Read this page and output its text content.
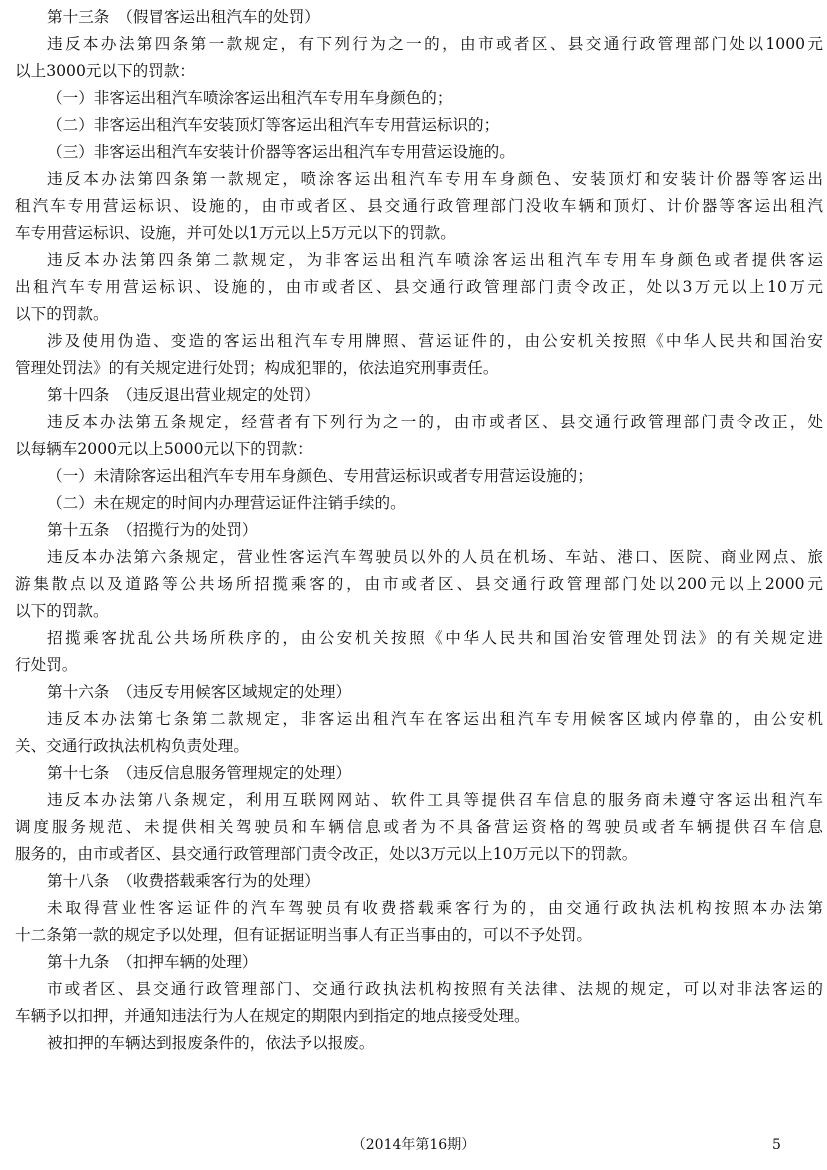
第十三条　（假冒客运出租汽车的处罚）
违反本办法第四条第一款规定，有下列行为之一的，由市或者区、县交通行政管理部门处以1000元
以上3000元以下的罚款：
（一）非客运出租汽车喷涂客运出租汽车专用车身颜色的；
（二）非客运出租汽车安装顶灯等客运出租汽车专用营运标识的；
（三）非客运出租汽车安装计价器等客运出租汽车专用营运设施的。
违反本办法第四条第一款规定，喷涂客运出租汽车专用车身颜色、安装顶灯和安装计价器等客运出
租汽车专用营运标识、设施的，由市或者区、县交通行政管理部门没收车辆和顶灯、计价器等客运出租汽
车专用营运标识、设施，并可处以1万元以上5万元以下的罚款。
违反本办法第四条第二款规定，为非客运出租汽车喷涂客运出租汽车专用车身颜色或者提供客运
出租汽车专用营运标识、设施的，由市或者区、县交通行政管理部门责令改正，处以3万元以上10万元
以下的罚款。
涉及使用伪造、变造的客运出租汽车专用牌照、营运证件的，由公安机关按照《中华人民共和国治安
管理处罚法》的有关规定进行处罚；构成犯罪的，依法追究刑事责任。
第十四条　（违反退出营业规定的处罚）
违反本办法第五条规定，经营者有下列行为之一的，由市或者区、县交通行政管理部门责令改正，处
以每辆车2000元以上5000元以下的罚款：
（一）未清除客运出租汽车专用车身颜色、专用营运标识或者专用营运设施的；
（二）未在规定的时间内办理营运证件注销手续的。
第十五条　（招揽行为的处罚）
违反本办法第六条规定，营业性客运汽车驾驶员以外的人员在机场、车站、港口、医院、商业网点、旅
游集散点以及道路等公共场所招揽乘客的，由市或者区、县交通行政管理部门处以200元以上2000元
以下的罚款。
招揽乘客扰乱公共场所秩序的，由公安机关按照《中华人民共和国治安管理处罚法》的有关规定进
行处罚。
第十六条　（违反专用候客区域规定的处理）
违反本办法第七条第二款规定，非客运出租汽车在客运出租汽车专用候客区域内停靠的，由公安机
关、交通行政执法机构负责处理。
第十七条　（违反信息服务管理规定的处理）
违反本办法第八条规定，利用互联网网站、软件工具等提供召车信息的服务商未遵守客运出租汽车
调度服务规范、未提供相关驾驶员和车辆信息或者为不具备营运资格的驾驶员或者车辆提供召车信息
服务的，由市或者区、县交通行政管理部门责令改正，处以3万元以上10万元以下的罚款。
第十八条　（收费搭载乘客行为的处理）
未取得营业性客运证件的汽车驾驶员有收费搭载乘客行为的，由交通行政执法机构按照本办法第
十二条第一款的规定予以处理，但有证据证明当事人有正当事由的，可以不予处罚。
第十九条　（扣押车辆的处理）
市或者区、县交通行政管理部门、交通行政执法机构按照有关法律、法规的规定，可以对非法客运的
车辆予以扣押，并通知违法行为人在规定的期限内到指定的地点接受处理。
被扣押的车辆达到报废条件的，依法予以报废。
（2014年第16期）	5
